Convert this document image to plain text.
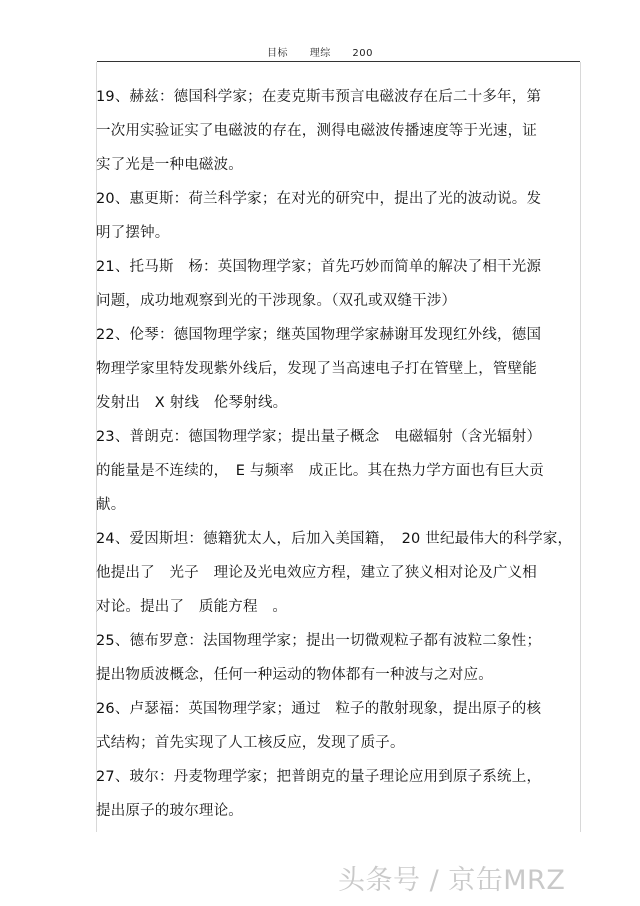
目标 理综 200
19、赫兹：德国科学家；在麦克斯韦预言电磁波存在后二十多年，第
一次用实验证实了电磁波的存在，测得电磁波传播速度等于光速，证
实了光是一种电磁波。
20、惠更斯：荷兰科学家；在对光的研究中，提出了光的波动说。发
明了摆钟。
21、托马斯　杨：英国物理学家；首先巧妙而简单的解决了相干光源
问题，成功地观察到光的干涉现象。（双孔或双缝干涉）
22、伦琴：德国物理学家；继英国物理学家赫谢耳发现红外线，德国
物理学家里特发现紫外线后，发现了当高速电子打在管壁上，管壁能
发射出　X 射线　伦琴射线。
23、普朗克：德国物理学家；提出量子概念　电磁辐射（含光辐射）
的能量是不连续的，　E 与频率　成正比。其在热力学方面也有巨大贡
献。
24、爱因斯坦：德籍犹太人，后加入美国籍，　20 世纪最伟大的科学家，
他提出了　光子　理论及光电效应方程，建立了狭义相对论及广义相
对论。提出了　质能方程　。
25、德布罗意：法国物理学家；提出一切微观粒子都有波粒二象性；
提出物质波概念，任何一种运动的物体都有一种波与之对应。
26、卢瑟福：英国物理学家；通过　粒子的散射现象，提出原子的核
式结构；首先实现了人工核反应，发现了质子。
27、玻尔：丹麦物理学家；把普朗克的量子理论应用到原子系统上，
提出原子的玻尔理论。
头条号 / 京缶MRZ
